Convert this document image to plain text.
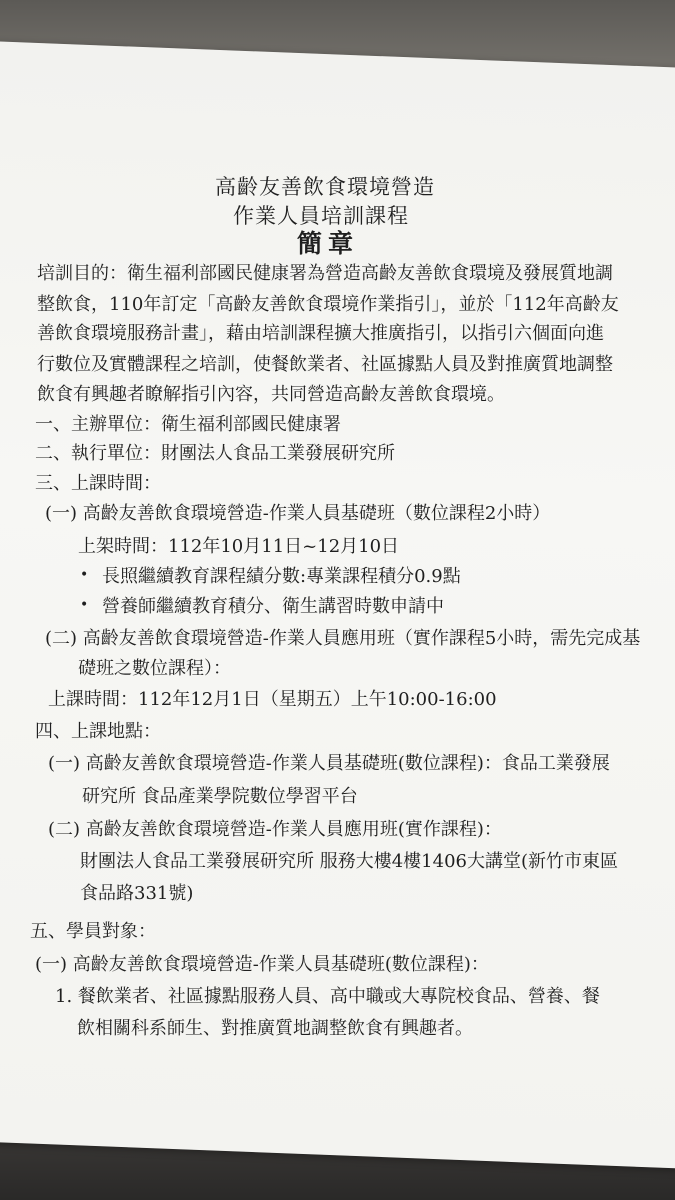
高齡友善飲食環境營造
作業人員培訓課程
簡章
培訓目的：衛生福利部國民健康署為營造高齡友善飲食環境及發展質地調
整飲食，110年訂定「高齡友善飲食環境作業指引」，並於「112年高齡友
善飲食環境服務計畫」，藉由培訓課程擴大推廣指引，以指引六個面向進
行數位及實體課程之培訓，使餐飲業者、社區據點人員及對推廣質地調整
飲食有興趣者瞭解指引內容，共同營造高齡友善飲食環境。
一、主辦單位：衛生福利部國民健康署
二、執行單位：財團法人食品工業發展研究所
三、上課時間：
(一) 高齡友善飲食環境營造-作業人員基礎班（數位課程2小時）
上架時間：112年10月11日~12月10日
• 長照繼續教育課程績分數:專業課程積分0.9點
• 營養師繼續教育積分、衛生講習時數申請中
(二) 高齡友善飲食環境營造-作業人員應用班（實作課程5小時，需先完成基
礎班之數位課程）：
上課時間：112年12月1日（星期五）上午10:00-16:00
四、上課地點：
(一) 高齡友善飲食環境營造-作業人員基礎班(數位課程)：食品工業發展
研究所 食品產業學院數位學習平台
(二) 高齡友善飲食環境營造-作業人員應用班(實作課程)：
財團法人食品工業發展研究所 服務大樓4樓1406大講堂(新竹市東區
食品路331號)
五、學員對象：
(一) 高齡友善飲食環境營造-作業人員基礎班(數位課程)：
1. 餐飲業者、社區據點服務人員、高中職或大專院校食品、營養、餐
飲相關科系師生、對推廣質地調整飲食有興趣者。
